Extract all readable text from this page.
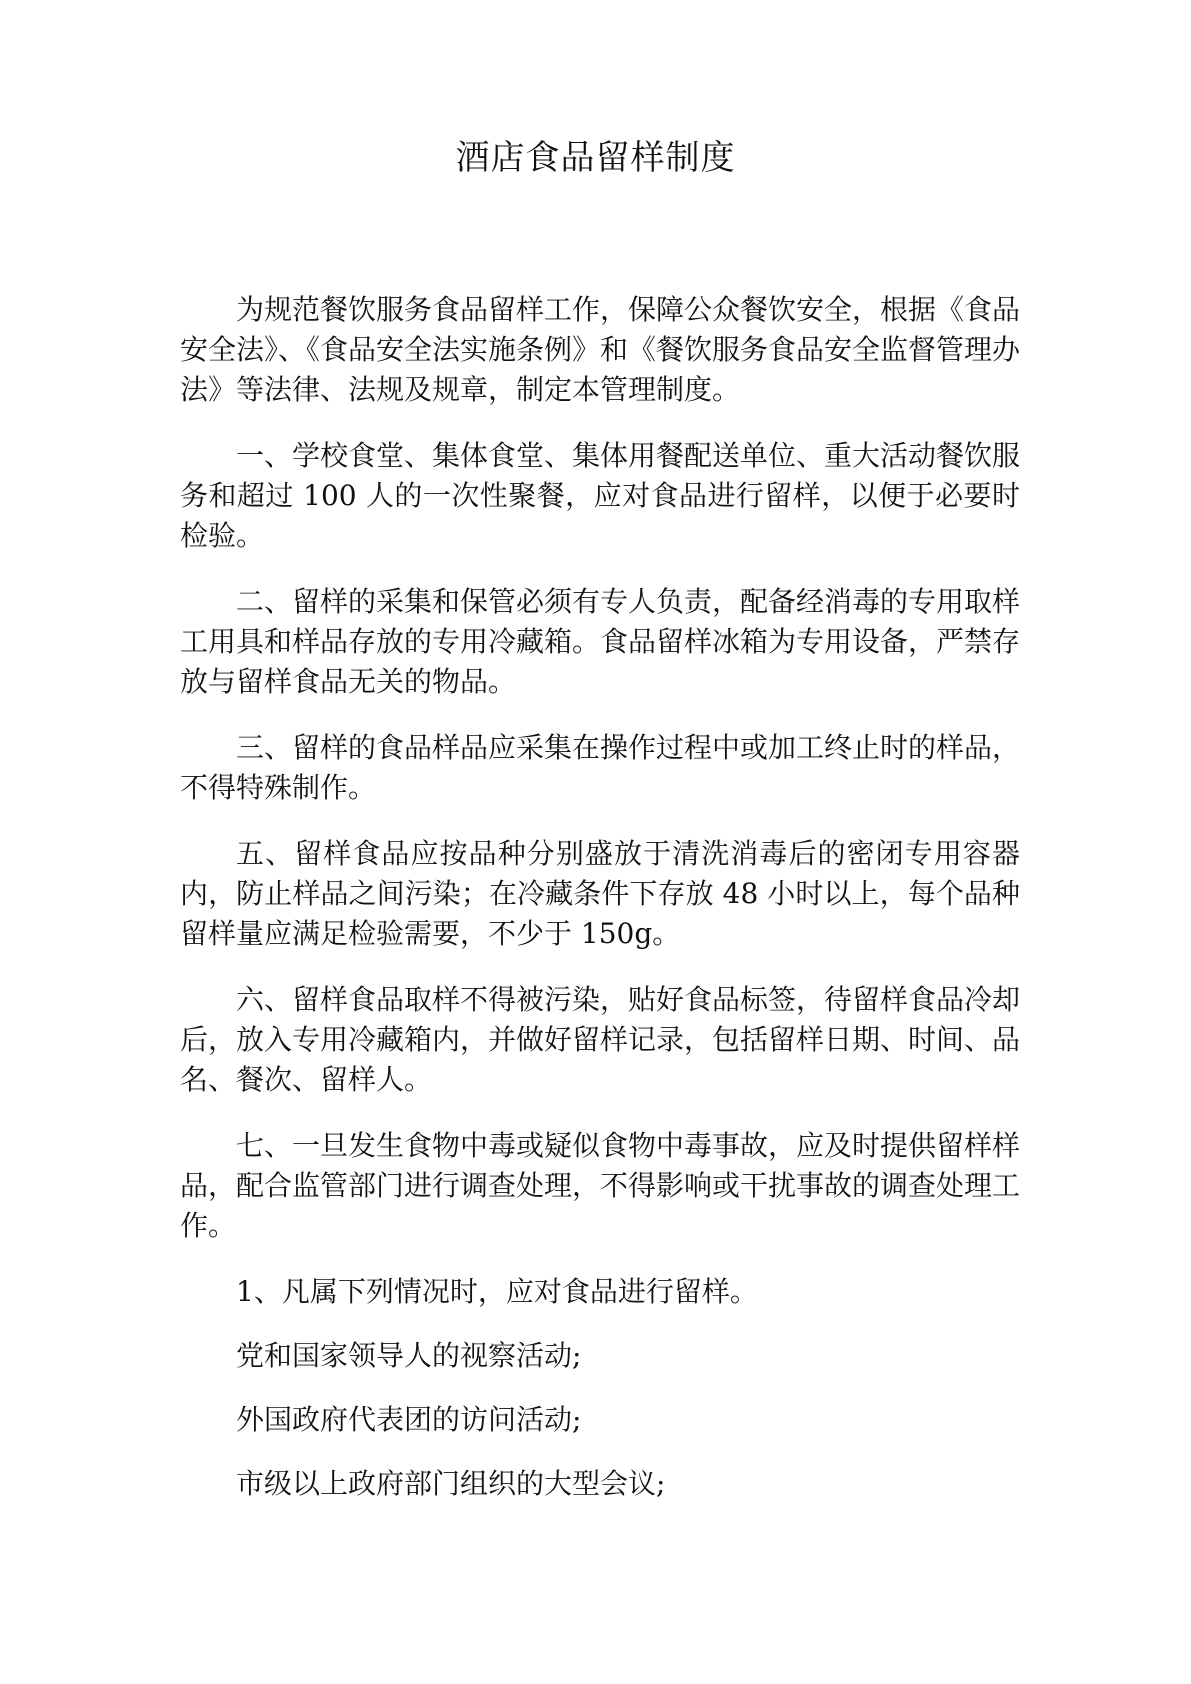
酒店食品留样制度

为规范餐饮服务食品留样工作，保障公众餐饮安全，根据《食品安全法》、《食品安全法实施条例》和《餐饮服务食品安全监督管理办法》等法律、法规及规章，制定本管理制度。

一、学校食堂、集体食堂、集体用餐配送单位、重大活动餐饮服务和超过 100 人的一次性聚餐，应对食品进行留样，以便于必要时检验。

二、留样的采集和保管必须有专人负责，配备经消毒的专用取样工用具和样品存放的专用冷藏箱。食品留样冰箱为专用设备，严禁存放与留样食品无关的物品。

三、留样的食品样品应采集在操作过程中或加工终止时的样品，不得特殊制作。

五、留样食品应按品种分别盛放于清洗消毒后的密闭专用容器内，防止样品之间污染；在冷藏条件下存放 48 小时以上，每个品种留样量应满足检验需要，不少于 150g。

六、留样食品取样不得被污染，贴好食品标签，待留样食品冷却后，放入专用冷藏箱内，并做好留样记录，包括留样日期、时间、品名、餐次、留样人。

七、一旦发生食物中毒或疑似食物中毒事故，应及时提供留样样品，配合监管部门进行调查处理，不得影响或干扰事故的调查处理工作。

1、凡属下列情况时，应对食品进行留样。

党和国家领导人的视察活动;

外国政府代表团的访问活动;

市级以上政府部门组织的大型会议;
